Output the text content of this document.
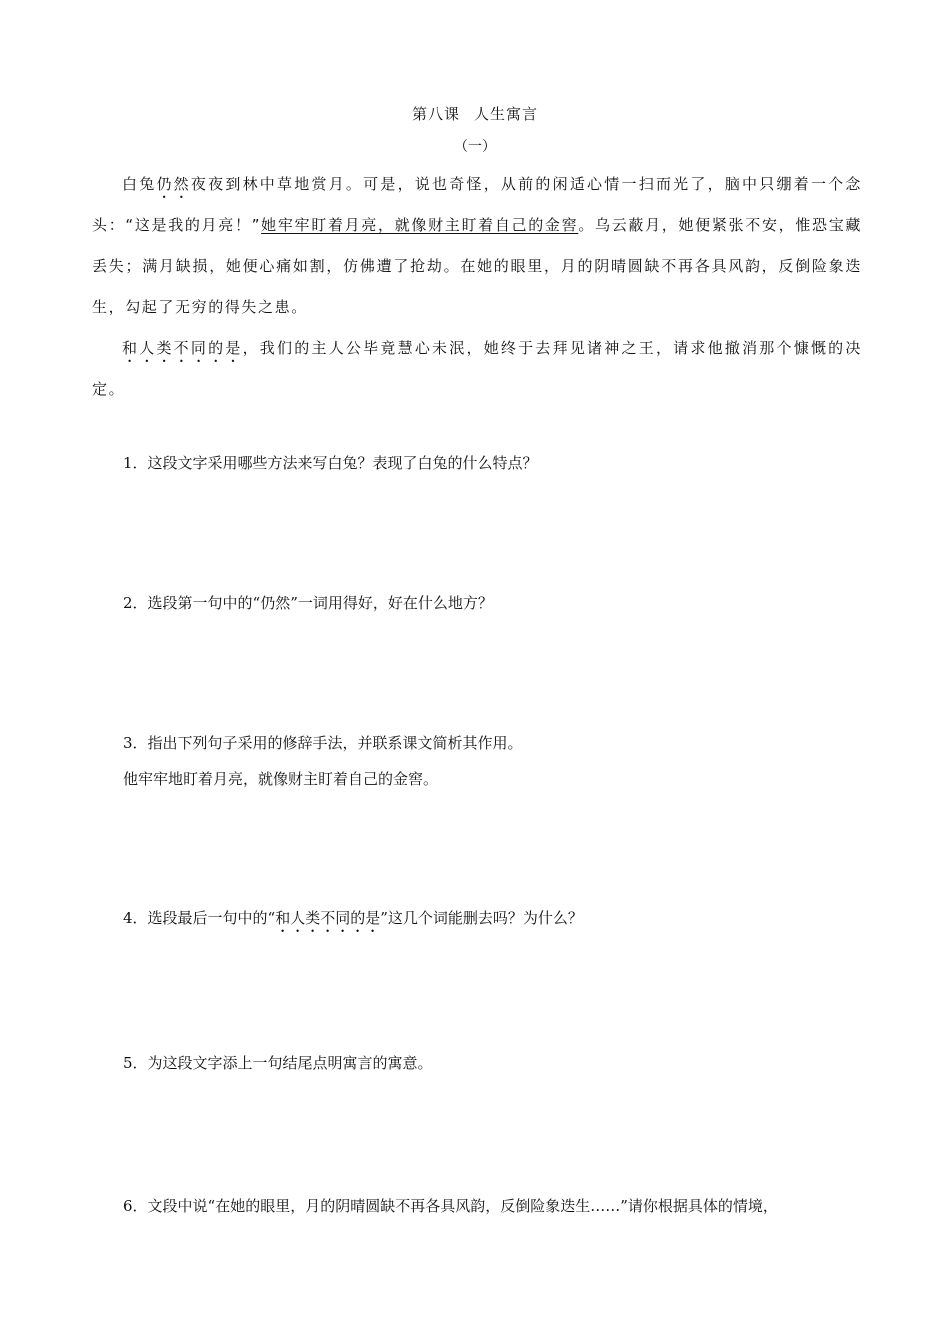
第八课 人生寓言
（一）

白兔仍然夜夜到林中草地赏月。可是，说也奇怪，从前的闲适心情一扫而光了，脑中只绷着一个念头：“这是我的月亮！”她牢牢盯着月亮，就像财主盯着自己的金窖。乌云蔽月，她便紧张不安，惟恐宝藏丢失；满月缺损，她便心痛如割，仿佛遭了抢劫。在她的眼里，月的阴晴圆缺不再各具风韵，反倒险象迭生，勾起了无穷的得失之患。

和人类不同的是，我们的主人公毕竟慧心未泯，她终于去拜见诸神之王，请求他撤消那个慷慨的决定。

1．这段文字采用哪些方法来写白兔？表现了白兔的什么特点？

2．选段第一句中的“仍然”一词用得好，好在什么地方？

3．指出下列句子采用的修辞手法，并联系课文简析其作用。

他牢牢地盯着月亮，就像财主盯着自己的金窖。

4．选段最后一句中的“和人类不同的是”这几个词能删去吗？为什么？

5．为这段文字添上一句结尾点明寓言的寓意。

6．文段中说“在她的眼里，月的阴晴圆缺不再各具风韵，反倒险象迭生……”请你根据具体的情境，
